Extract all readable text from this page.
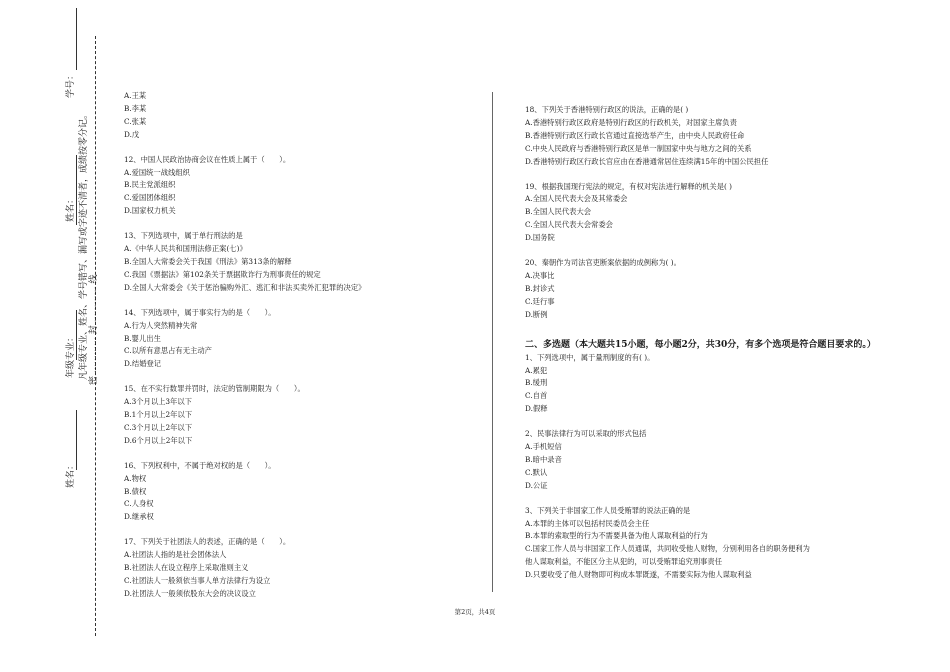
学号：
姓名：
年级专业：
姓名：
凡年级专业、姓名、学号错写、漏写或字迹不清者，成绩按零分记。 密 ………… 封 ………… 线

A.王某

B.李某

C.张某

D.戊

12、中国人民政治协商会议在性质上属于（　　）。

A.爱国统一战线组织

B.民主党派组织

C.爱国团体组织

D.国家权力机关

13、下列选项中，属于单行刑法的是

A.《中华人民共和国刑法修正案(七)》

B.全国人大常委会关于我国《刑法》第313条的解释

C.我国《票据法》第102条关于票据欺诈行为刑事责任的规定

D.全国人大常委会《关于惩治骗购外汇、逃汇和非法买卖外汇犯罪的决定》

14、下列选项中，属于事实行为的是（　　）。

A.行为人突然精神失常

B.婴儿出生

C.以所有意思占有无主动产

D.结婚登记

15、在不实行数罪并罚时，法定的管制期限为（　　）。

A.3个月以上3年以下

B.1个月以上2年以下

C.3个月以上2年以下

D.6个月以上2年以下

16、下列权利中，不属于绝对权的是（　　）。

A.物权

B.债权

C.人身权

D.继承权

17、下列关于社团法人的表述，正确的是（　　）。

A.社团法人指的是社会团体法人

B.社团法人在设立程序上采取准则主义

C.社团法人一般须依当事人单方法律行为设立

D.社团法人一般须依股东大会的决议设立

18、下列关于香港特别行政区的说法，正确的是( )

A.香港特别行政区政府是特别行政区的行政机关，对国家主席负责

B.香港特别行政区行政长官通过直接选举产生，由中央人民政府任命

C.中央人民政府与香港特别行政区是单一制国家中央与地方之间的关系

D.香港特别行政区行政长官应由在香港通常居住连续满15年的中国公民担任

19、根据我国现行宪法的规定，有权对宪法进行解释的机关是( )

A.全国人民代表大会及其常委会

B.全国人民代表大会

C.全国人民代表大会常委会

D.国务院

20、秦朝作为司法官吏断案依据的成例称为( )。

A.决事比

B.封诊式

C.廷行事

D.断例

二、多选题（本大题共15小题，每小题2分，共30分，有多个选项是符合题目要求的。）

1、下列选项中，属于量刑制度的有( )。

A.累犯

B.缓刑

C.自首

D.假释

2、民事法律行为可以采取的形式包括

A.手机短信

B.暗中录音

C.默认

D.公证

3、下列关于非国家工作人员受贿罪的说法正确的是

A.本罪的主体可以包括村民委员会主任

B.本罪的索取型的行为不需要具备为他人谋取利益的行为

C.国家工作人员与非国家工作人员通谋，共同收受他人财物，分别利用各自的职务便利为

他人谋取利益，不能区分主从犯的，可以受贿罪追究刑事责任

D.只要收受了他人财物即可构成本罪既遂，不需要实际为他人谋取利益

第2页，共4页
